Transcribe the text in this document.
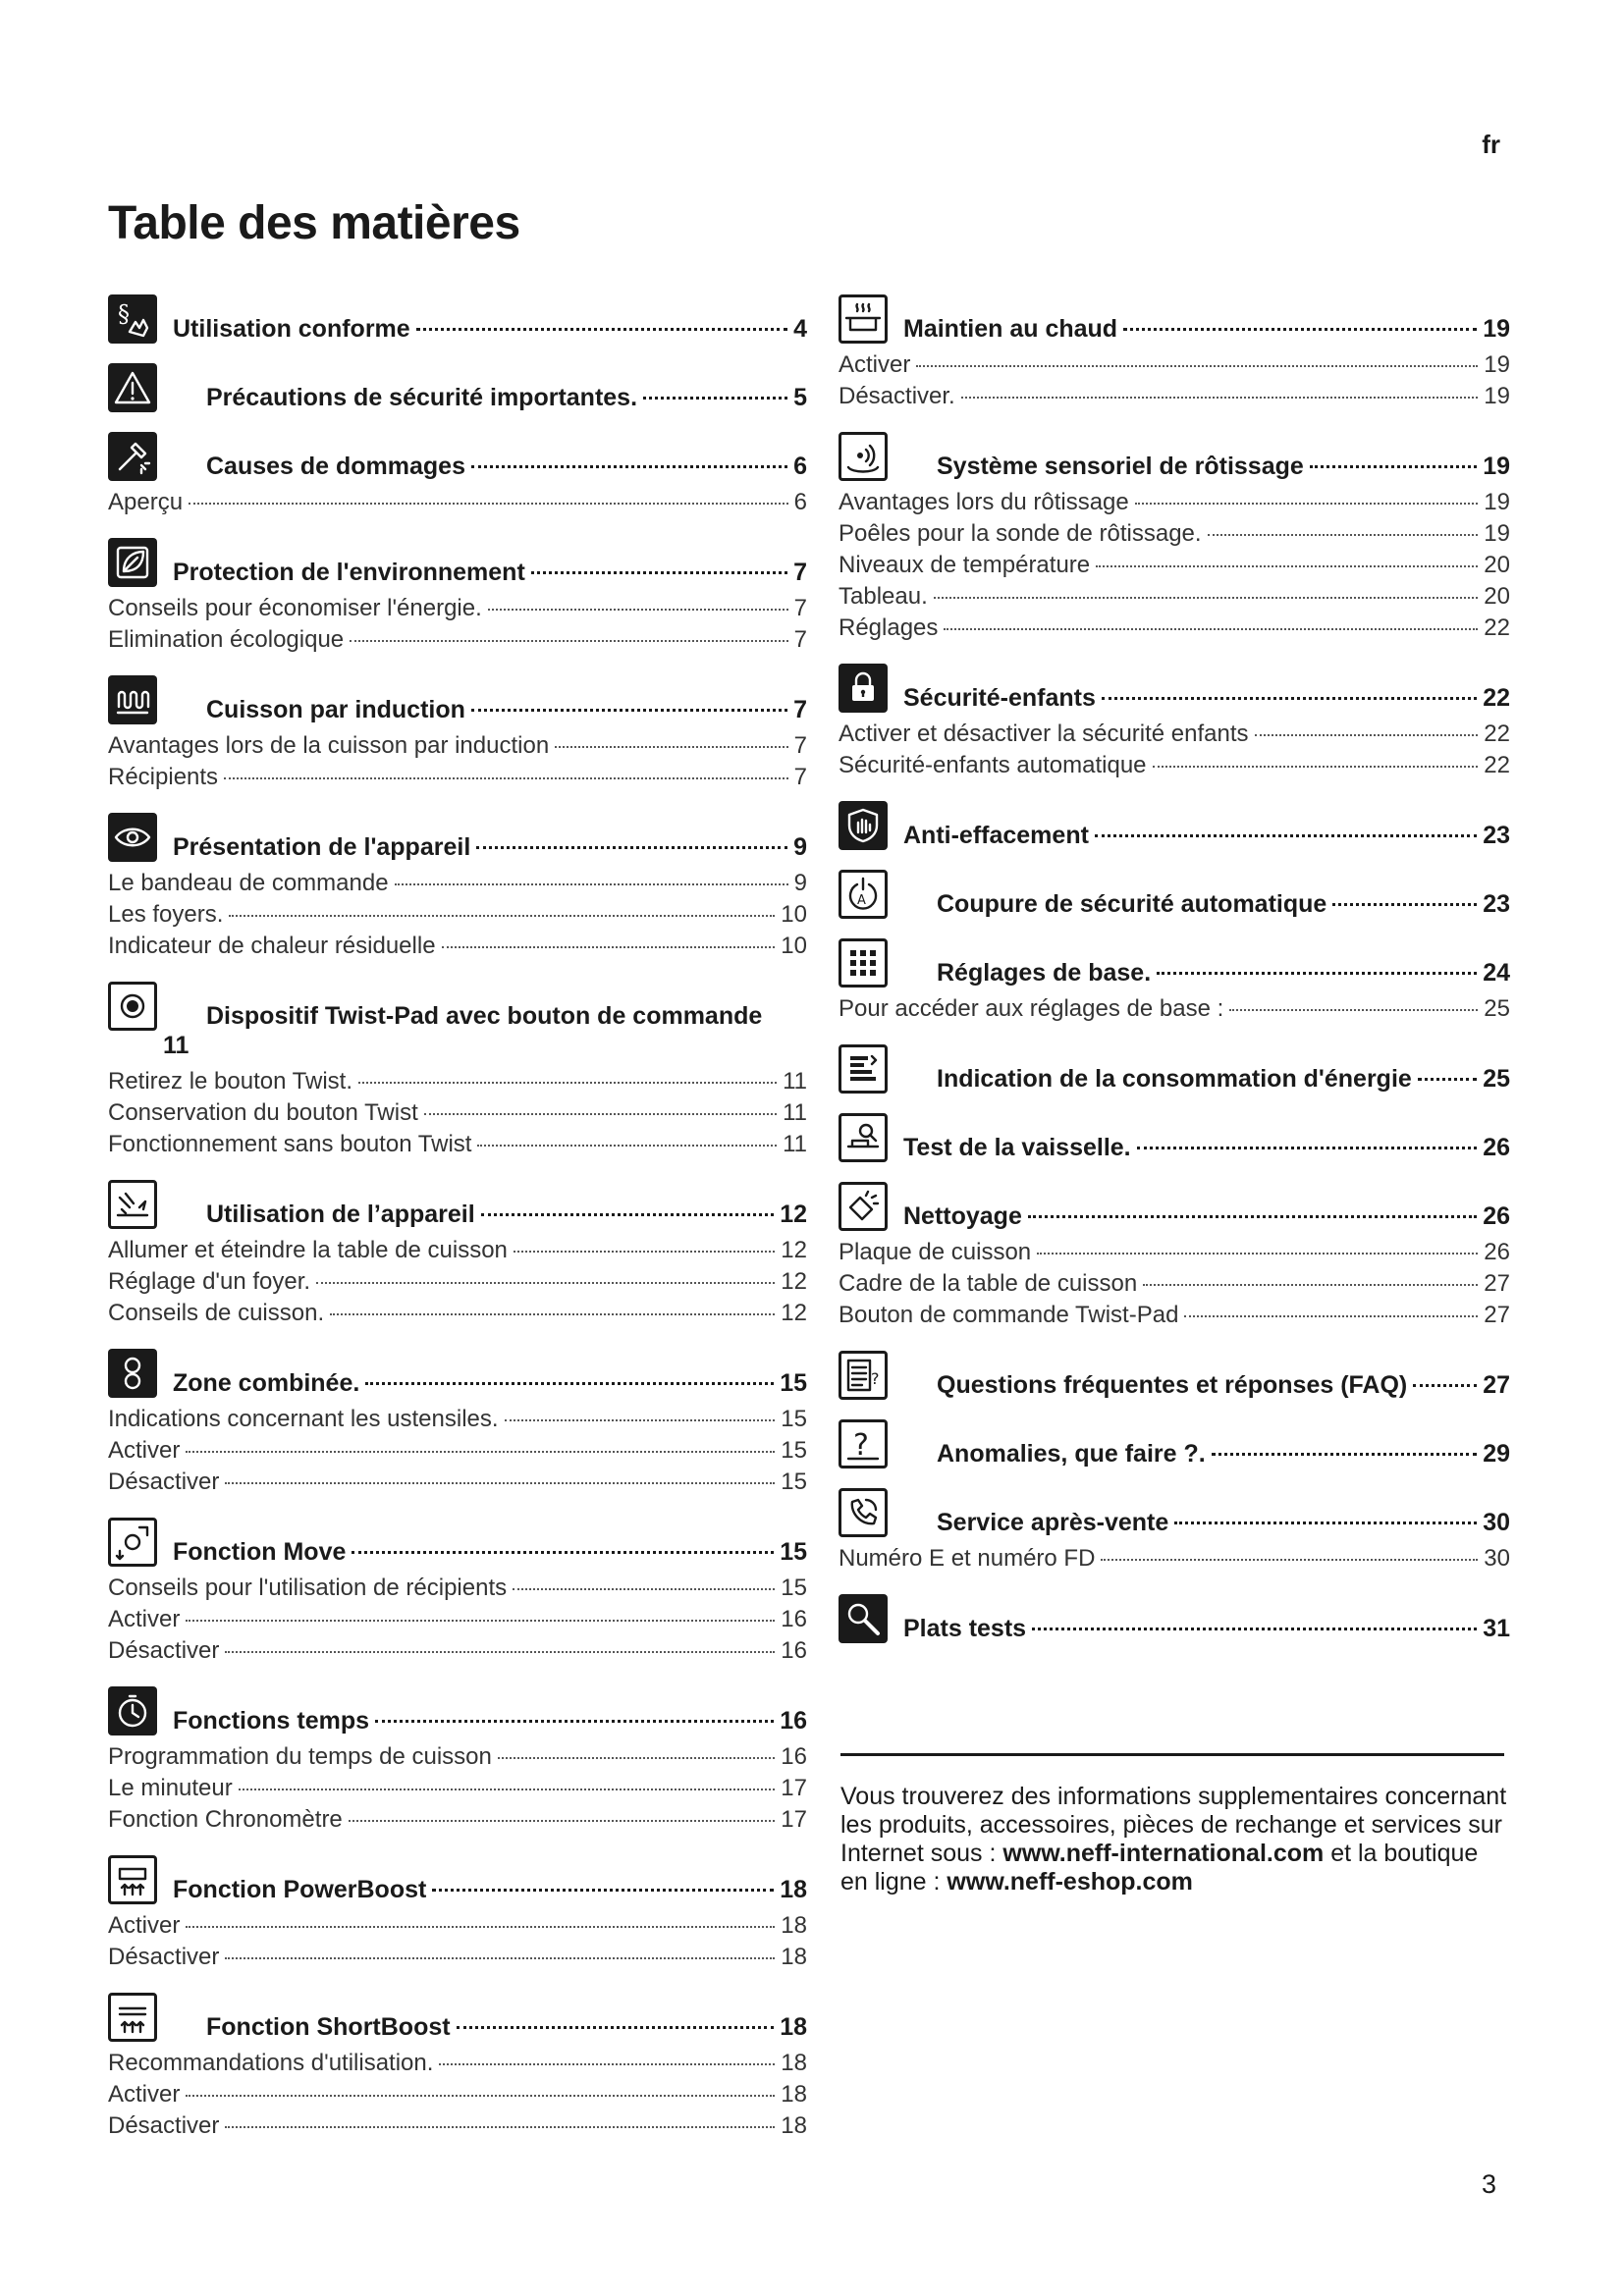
fr
Table des matières
§
Utilisation conforme	4
Précautions de sécurité importantes.	5
Causes de dommages	6
Aperçu	6
Protection de l'environnement	7
Conseils pour économiser l'énergie.	7
Elimination écologique	7
Cuisson par induction	7
Avantages lors de la cuisson par induction	7
Récipients	7
Présentation de l'appareil	9
Le bandeau de commande	9
Les foyers.	10
Indicateur de chaleur résiduelle	10
Dispositif Twist-Pad avec bouton de commande
11
Retirez le bouton Twist.	11
Conservation du bouton Twist	11
Fonctionnement sans bouton Twist	11
Utilisation de l’appareil	12
Allumer et éteindre la table de cuisson	12
Réglage d'un foyer.	12
Conseils de cuisson.	12
Zone combinée.	15
Indications concernant les ustensiles.	15
Activer	15
Désactiver	15
Fonction Move	15
Conseils pour l'utilisation de récipients	15
Activer	16
Désactiver	16
Fonctions temps	16
Programmation du temps de cuisson	16
Le minuteur	17
Fonction Chronomètre	17
Fonction PowerBoost	18
Activer	18
Désactiver	18
Fonction ShortBoost	18
Recommandations d'utilisation.	18
Activer	18
Désactiver	18
Maintien au chaud	19
Activer	19
Désactiver.	19
Système sensoriel de rôtissage	19
Avantages lors du rôtissage	19
Poêles pour la sonde de rôtissage.	19
Niveaux de température	20
Tableau.	20
Réglages	22
Sécurité-enfants	22
Activer et désactiver la sécurité enfants	22
Sécurité-enfants automatique	22
Anti-effacement	23
A	Coupure de sécurité automatique	23
Réglages de base.	24
Pour accéder aux réglages de base :	25
Indication de la consommation d'énergie	25
Test de la vaisselle.	26
Nettoyage	26
Plaque de cuisson	26
Cadre de la table de cuisson	27
Bouton de commande Twist-Pad	27
? Questions fréquentes et réponses (FAQ)	27
?	Anomalies, que faire ?.	29
Service après-vente	30
Numéro E et numéro FD	30
Plats tests	31

Vous trouverez des informations supplementaires concernant les produits, accessoires, pièces de rechange et services sur Internet sous : www.neff-international.com et la boutique en ligne : www.neff-eshop.com

3
